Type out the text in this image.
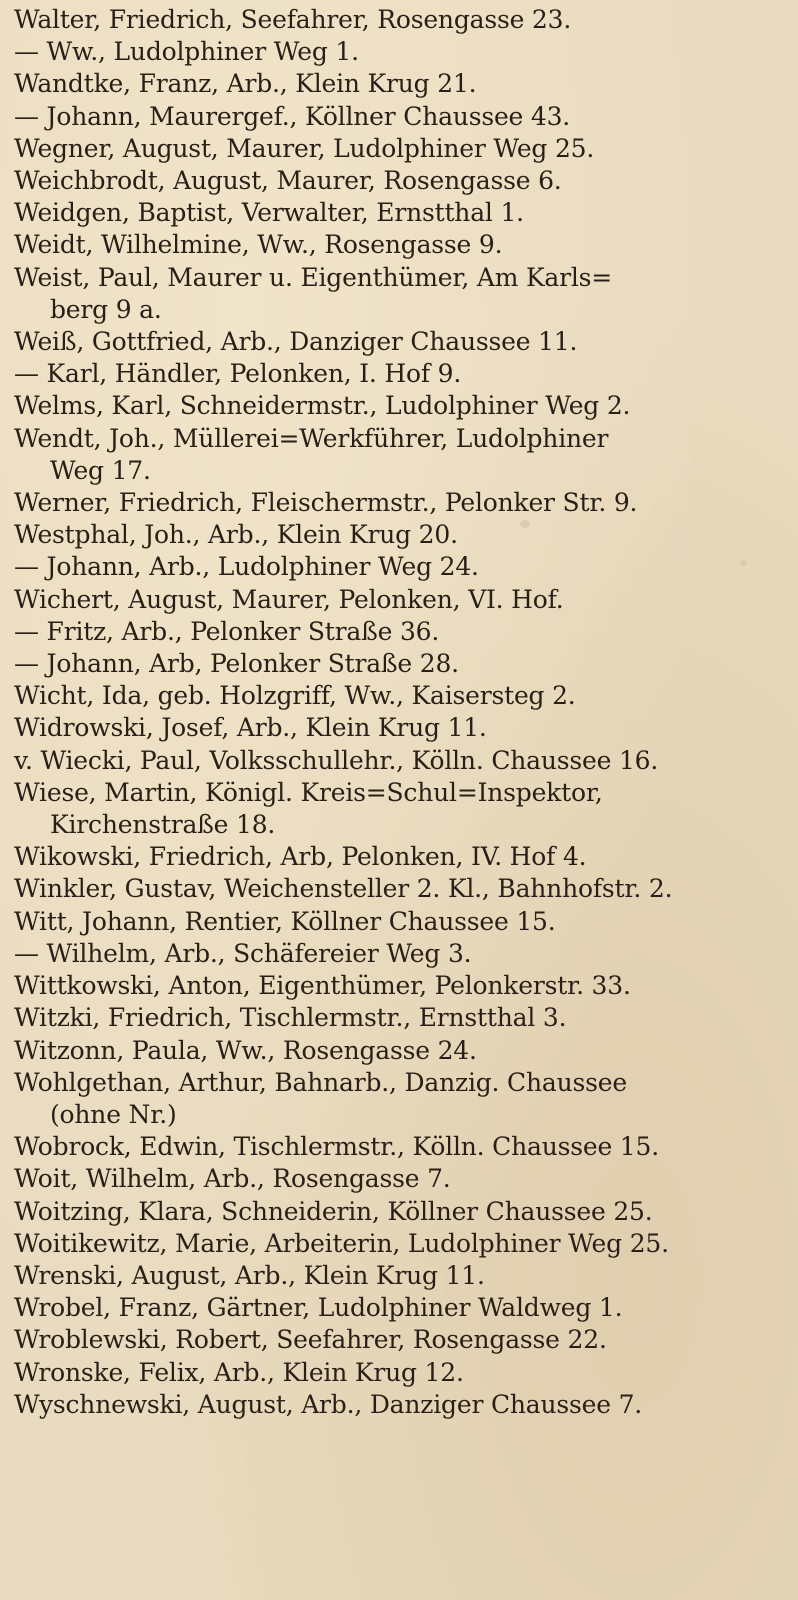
Walter, Friedrich, Seefahrer, Rosengasse 23.
— Ww., Ludolphiner Weg 1.
Wandtke, Franz, Arb., Klein Krug 21.
— Johann, Maurergef., Köllner Chaussee 43.
Wegner, August, Maurer, Ludolphiner Weg 25.
Weichbrodt, August, Maurer, Rosengasse 6.
Weidgen, Baptist, Verwalter, Ernstthal 1.
Weidt, Wilhelmine, Ww., Rosengasse 9.
Weist, Paul, Maurer u. Eigenthümer, Am Karls=
berg 9 a.
Weiß, Gottfried, Arb., Danziger Chaussee 11.
— Karl, Händler, Pelonken, I. Hof 9.
Welms, Karl, Schneidermstr., Ludolphiner Weg 2.
Wendt, Joh., Müllerei=Werkführer, Ludolphiner
Weg 17.
Werner, Friedrich, Fleischermstr., Pelonker Str. 9.
Westphal, Joh., Arb., Klein Krug 20.
— Johann, Arb., Ludolphiner Weg 24.
Wichert, August, Maurer, Pelonken, VI. Hof.
— Fritz, Arb., Pelonker Straße 36.
— Johann, Arb, Pelonker Straße 28.
Wicht, Ida, geb. Holzgriff, Ww., Kaisersteg 2.
Widrowski, Josef, Arb., Klein Krug 11.
v. Wiecki, Paul, Volksschullehr., Kölln. Chaussee 16.
Wiese, Martin, Königl. Kreis=Schul=Inspektor,
Kirchenstraße 18.
Wikowski, Friedrich, Arb, Pelonken, IV. Hof 4.
Winkler, Gustav, Weichensteller 2. Kl., Bahnhofstr. 2.
Witt, Johann, Rentier, Köllner Chaussee 15.
— Wilhelm, Arb., Schäfereier Weg 3.
Wittkowski, Anton, Eigenthümer, Pelonkerstr. 33.
Witzki, Friedrich, Tischlermstr., Ernstthal 3.
Witzonn, Paula, Ww., Rosengasse 24.
Wohlgethan, Arthur, Bahnarb., Danzig. Chaussee
(ohne Nr.)
Wobrock, Edwin, Tischlermstr., Kölln. Chaussee 15.
Woit, Wilhelm, Arb., Rosengasse 7.
Woitzing, Klara, Schneiderin, Köllner Chaussee 25.
Woitikewitz, Marie, Arbeiterin, Ludolphiner Weg 25.
Wrenski, August, Arb., Klein Krug 11.
Wrobel, Franz, Gärtner, Ludolphiner Waldweg 1.
Wroblewski, Robert, Seefahrer, Rosengasse 22.
Wronske, Felix, Arb., Klein Krug 12.
Wyschnewski, August, Arb., Danziger Chaussee 7.
